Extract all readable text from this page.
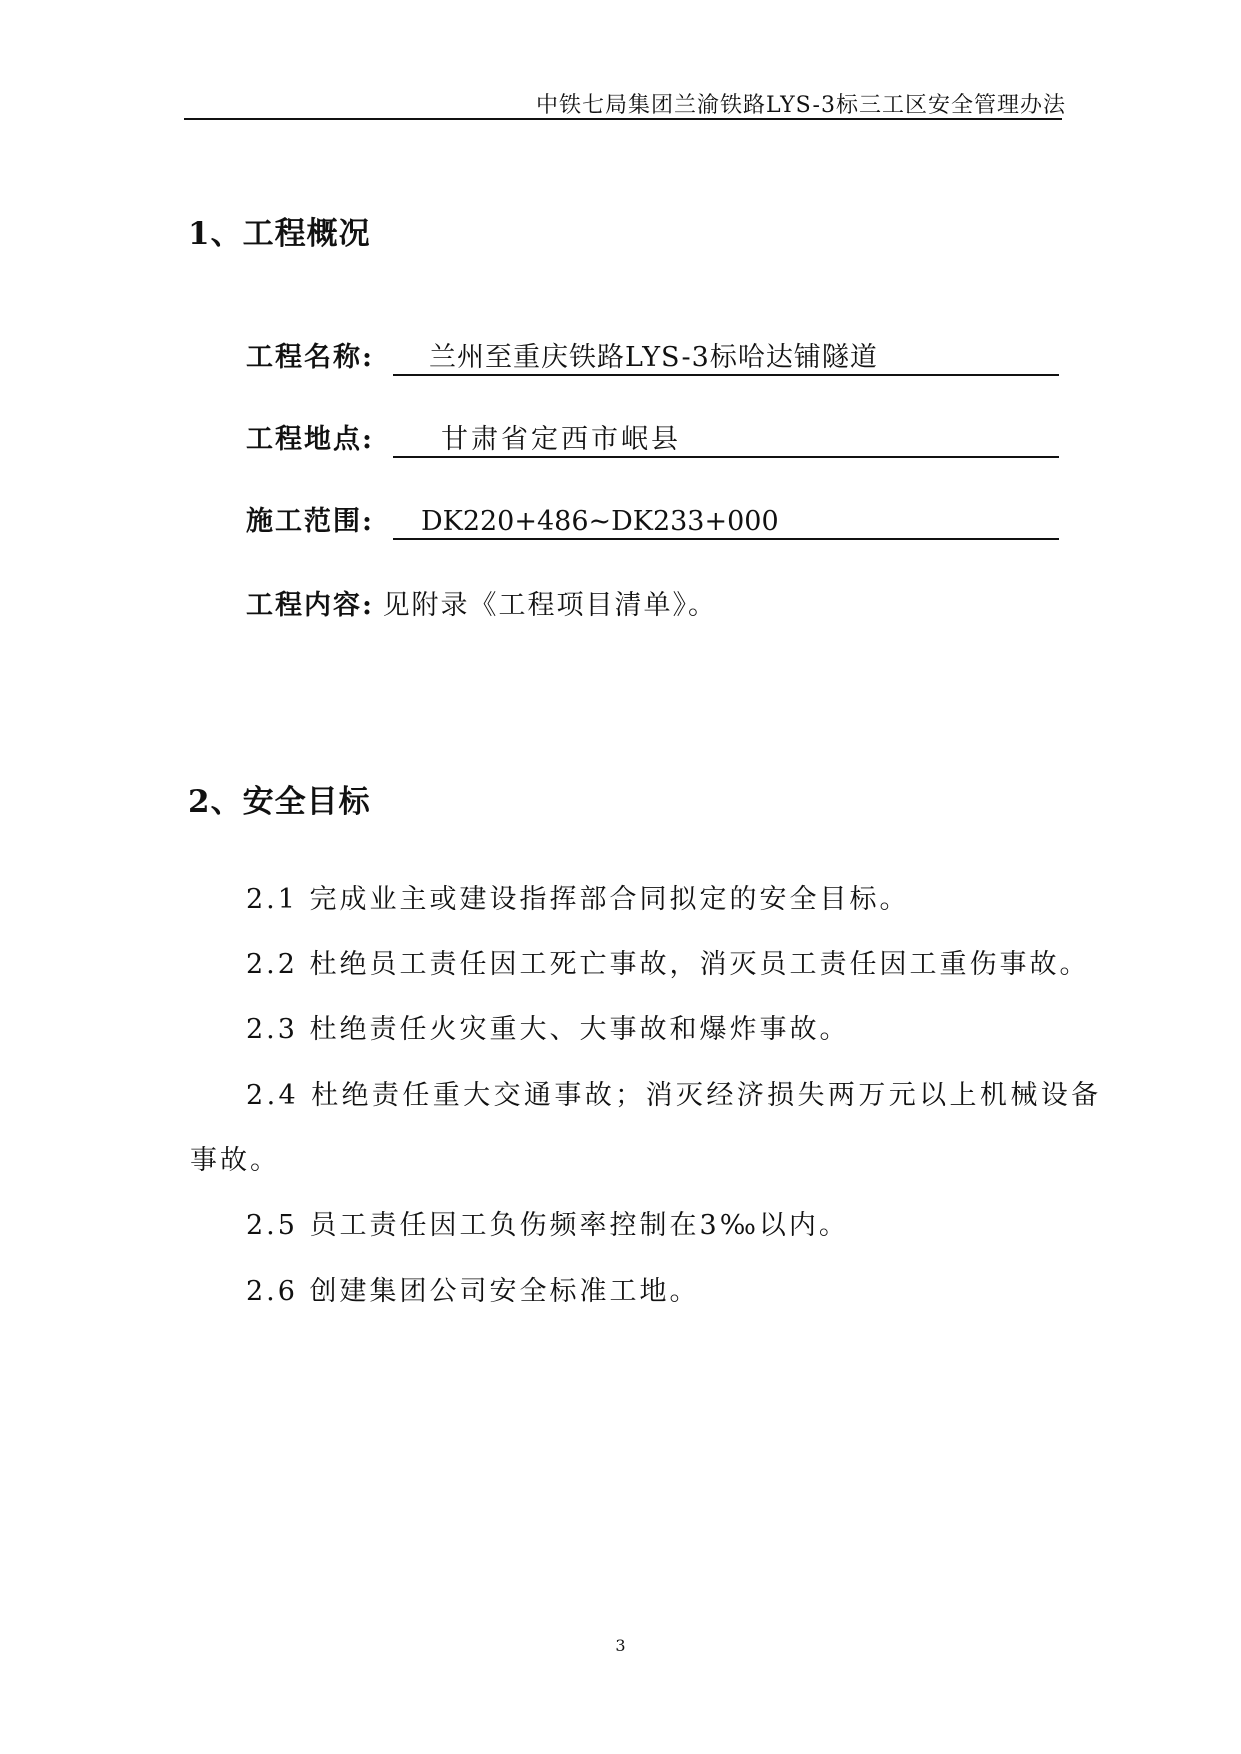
中铁七局集团兰渝铁路LYS-3标三工区安全管理办法
1、工程概况
工程名称:	兰州至重庆铁路LYS-3标哈达铺隧道
工程地点:	甘肃省定西市岷县
施工范围:	DK220+486~DK233+000
工程内容: 见附录《工程项目清单》。
2、安全目标
2.1 完成业主或建设指挥部合同拟定的安全目标。
2.2 杜绝员工责任因工死亡事故，消灭员工责任因工重伤事故。
2.3 杜绝责任火灾重大、大事故和爆炸事故。
2.4 杜绝责任重大交通事故；消灭经济损失两万元以上机械设备
事故。
2.5 员工责任因工负伤频率控制在3‰以内。
2.6 创建集团公司安全标准工地。
3
